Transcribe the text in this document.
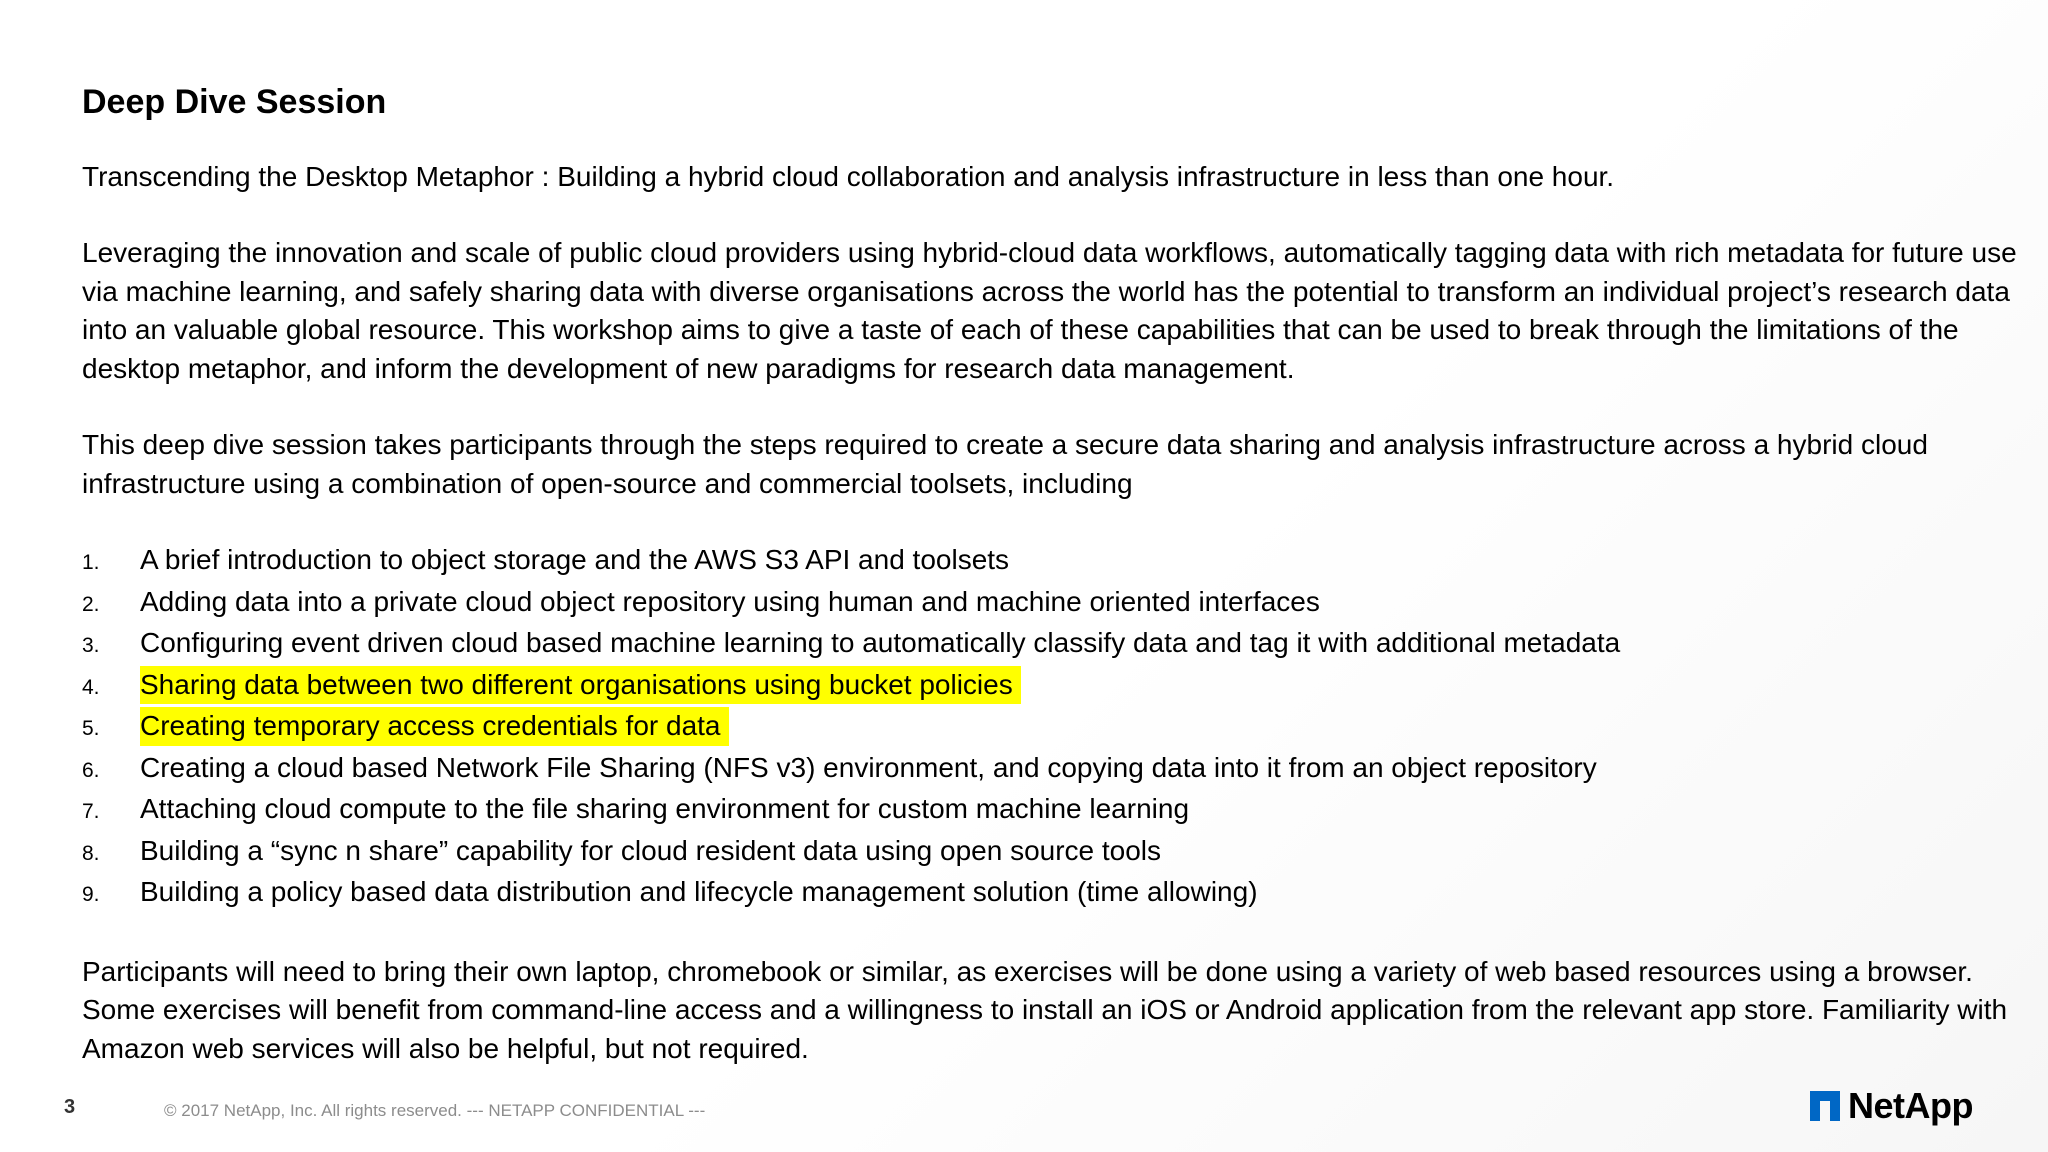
Deep Dive Session

Transcending the Desktop Metaphor : Building a hybrid cloud collaboration and analysis infrastructure in less than one hour.

Leveraging the innovation and scale of public cloud providers using hybrid-cloud data workflows, automatically tagging data with rich metadata for future use via machine learning, and safely sharing data with diverse organisations across the world has the potential to transform an individual project’s research data into an valuable global resource. This workshop aims to give a taste of each of these capabilities that can be used to break through the limitations of the desktop metaphor, and inform the development of new paradigms for research data management.

This deep dive session takes participants through the steps required to create a secure data sharing and analysis infrastructure across a hybrid cloud infrastructure using a combination of open-source and commercial toolsets, including

1.	A brief introduction to object storage and the AWS S3 API and toolsets
2.	Adding data into a private cloud object repository using human and machine oriented interfaces
3.	Configuring event driven cloud based machine learning to automatically classify data and tag it with additional metadata
4.	Sharing data between two different organisations using bucket policies
5.	Creating temporary access credentials for data
6.	Creating a cloud based Network File Sharing (NFS v3) environment, and copying data into it from an object repository
7.	Attaching cloud compute to the file sharing environment for custom machine learning
8.	Building a “sync n share” capability for cloud resident data using open source tools
9.	Building a policy based data distribution and lifecycle management solution (time allowing)

Participants will need to bring their own laptop, chromebook or similar, as exercises will be done using a variety of web based resources using a browser. Some exercises will benefit from command-line access and a willingness to install an iOS or Android application from the relevant app store. Familiarity with Amazon web services will also be helpful, but not required.

3	© 2017 NetApp, Inc. All rights reserved. --- NETAPP CONFIDENTIAL ---	NetApp
